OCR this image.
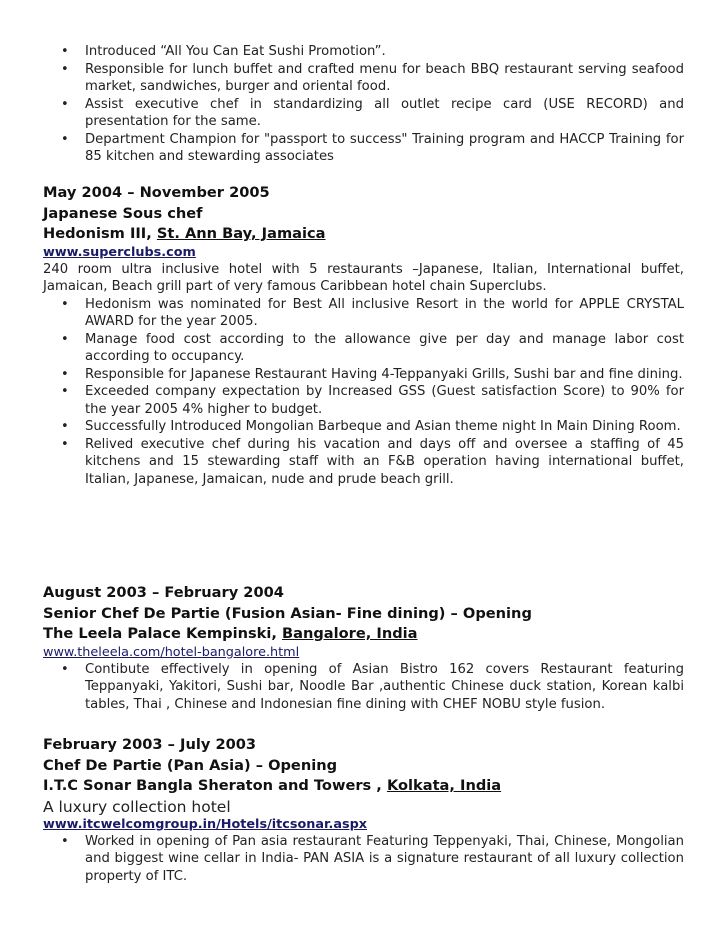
•
Introduced “All You Can Eat Sushi Promotion”.
•
Responsible for lunch buffet and crafted menu for beach BBQ restaurant serving seafood market, sandwiches, burger and oriental food.
•
Assist executive chef in standardizing all outlet recipe card (USE RECORD) and presentation for the same.
•
Department Champion for "passport to success" Training program and HACCP Training for 85 kitchen and stewarding associates
May 2004 – November 2005
Japanese Sous chef
Hedonism III, St. Ann Bay, Jamaica
www.superclubs.com
240 room ultra inclusive hotel with 5 restaurants –Japanese, Italian, International buffet, Jamaican, Beach grill part of very famous Caribbean hotel chain Superclubs.
•
Hedonism was nominated for Best All inclusive Resort in the world for APPLE CRYSTAL AWARD for the year 2005.
•
Manage food cost according to the allowance give per day and manage labor cost according to occupancy.
•
Responsible for Japanese Restaurant Having 4-Teppanyaki Grills, Sushi bar and fine dining.
•
Exceeded company expectation by Increased GSS (Guest satisfaction Score) to 90% for the year 2005 4% higher to budget.
•
Successfully Introduced Mongolian Barbeque and Asian theme night In Main Dining Room.
•
Relived executive chef during his vacation and days off and oversee a staffing of 45 kitchens and 15 stewarding staff with an F&B operation having international buffet, Italian, Japanese, Jamaican, nude and prude beach grill.
August 2003 – February 2004
Senior Chef De Partie (Fusion Asian- Fine dining) – Opening
The Leela Palace Kempinski, Bangalore, India
www.theleela.com/hotel-bangalore.html
•
Contibute effectively in opening of Asian Bistro 162 covers Restaurant featuring Teppanyaki, Yakitori, Sushi bar, Noodle Bar ,authentic Chinese duck station, Korean kalbi tables, Thai , Chinese and Indonesian fine dining with CHEF NOBU style fusion.
February 2003 – July 2003
Chef De Partie (Pan Asia) – Opening
I.T.C Sonar Bangla Sheraton and Towers , Kolkata, India
A luxury collection hotel
www.itcwelcomgroup.in/Hotels/itcsonar.aspx
•
Worked in opening of Pan asia restaurant Featuring Teppenyaki, Thai, Chinese, Mongolian and biggest wine cellar in India- PAN ASIA is a signature restaurant of all luxury collection property of ITC.
